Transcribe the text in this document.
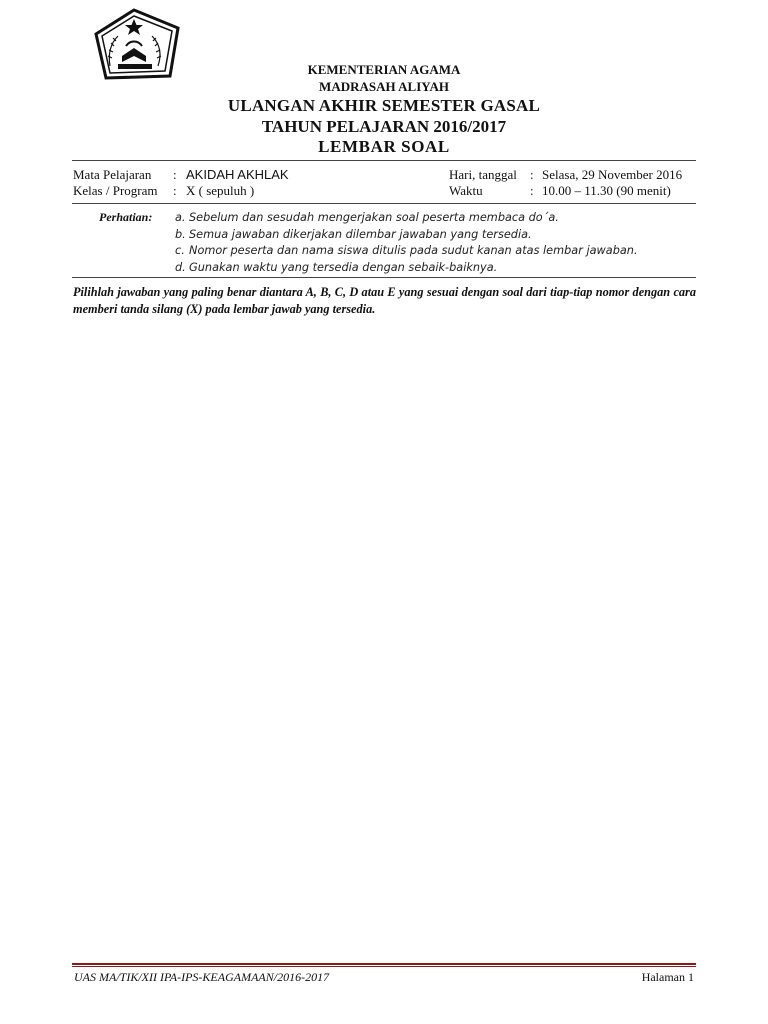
KEMENTERIAN AGAMA
MADRASAH ALIYAH
ULANGAN AKHIR SEMESTER GASAL
TAHUN PELAJARAN 2016/2017
LEMBAR SOAL
Mata Pelajaran : AKIDAH AKHLAK
Kelas / Program : X ( sepuluh )
Hari, tanggal : Selasa, 29 November 2016
Waktu	: 10.00 – 11.30 (90 menit)
Perhatian: a. Sebelum dan sesudah mengerjakan soal peserta membaca do´a.
b. Semua jawaban dikerjakan dilembar jawaban yang tersedia.
c. Nomor peserta dan nama siswa ditulis pada sudut kanan atas lembar jawaban.
d. Gunakan waktu yang tersedia dengan sebaik-baiknya.
Pilihlah jawaban yang paling benar diantara A, B, C, D atau E yang sesuai dengan soal dari tiap-tiap nomor dengan cara memberi tanda silang (X) pada lembar jawab yang tersedia.
UAS MA/TIK/XII IPA-IPS-KEAGAMAAN/2016-2017	Halaman 1
